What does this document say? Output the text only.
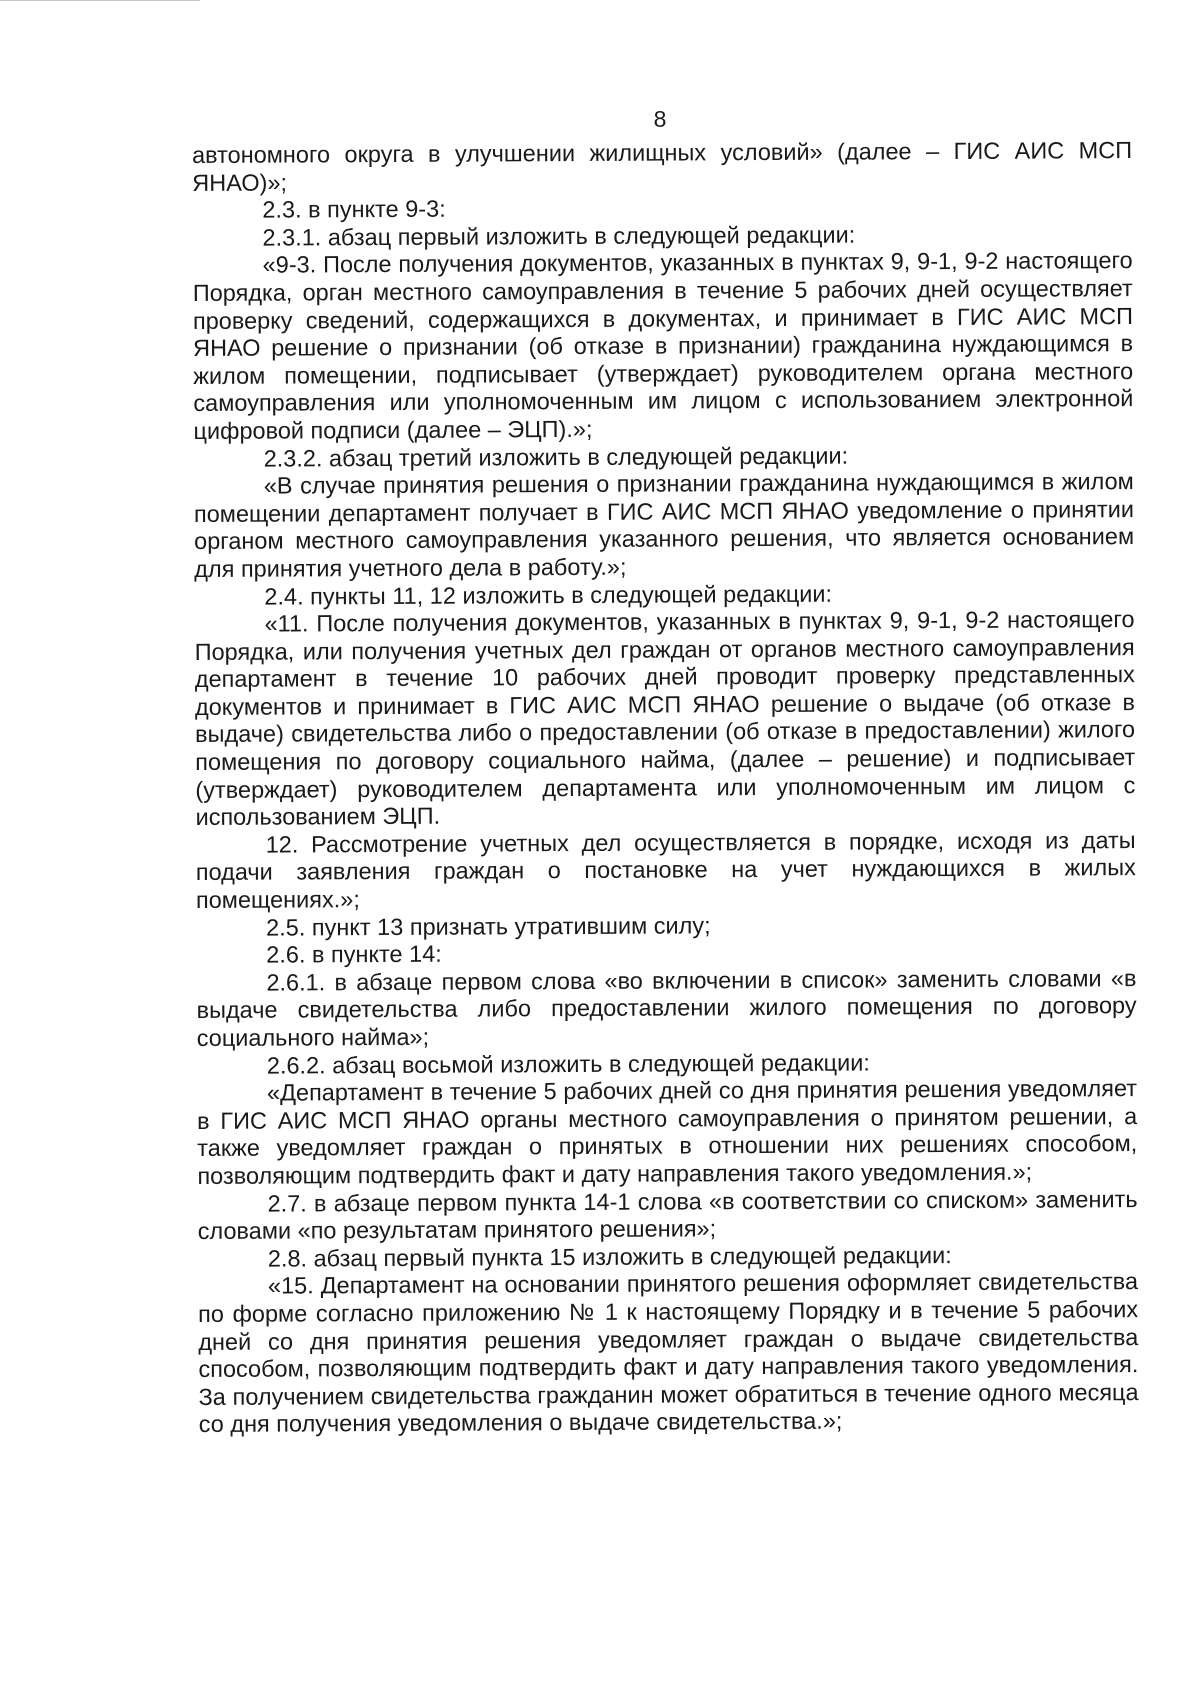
8

автономного округа в улучшении жилищных условий» (далее – ГИС АИС МСП ЯНАО)»;

2.3. в пункте 9-3:

2.3.1. абзац первый изложить в следующей редакции:

«9-3. После получения документов, указанных в пунктах 9, 9-1, 9-2 настоящего Порядка, орган местного самоуправления в течение 5 рабочих дней осуществляет проверку сведений, содержащихся в документах, и принимает в ГИС АИС МСП ЯНАО решение о признании (об отказе в признании) гражданина нуждающимся в жилом помещении, подписывает (утверждает) руководителем органа местного самоуправления или уполномоченным им лицом с использованием электронной цифровой подписи (далее – ЭЦП).»;

2.3.2. абзац третий изложить в следующей редакции:

«В случае принятия решения о признании гражданина нуждающимся в жилом помещении департамент получает в ГИС АИС МСП ЯНАО уведомление о принятии органом местного самоуправления указанного решения, что является основанием для принятия учетного дела в работу.»;

2.4. пункты 11, 12 изложить в следующей редакции:

«11. После получения документов, указанных в пунктах 9, 9-1, 9-2 настоящего Порядка, или получения учетных дел граждан от органов местного самоуправления департамент в течение 10 рабочих дней проводит проверку представленных документов и принимает в ГИС АИС МСП ЯНАО решение о выдаче (об отказе в выдаче) свидетельства либо о предоставлении (об отказе в предоставлении) жилого помещения по договору социального найма, (далее – решение) и подписывает (утверждает) руководителем департамента или уполномоченным им лицом с использованием ЭЦП.

12. Рассмотрение учетных дел осуществляется в порядке, исходя из даты подачи заявления граждан о постановке на учет нуждающихся в жилых помещениях.»;

2.5. пункт 13 признать утратившим силу;

2.6. в пункте 14:

2.6.1. в абзаце первом слова «во включении в список» заменить словами «в выдаче свидетельства либо предоставлении жилого помещения по договору социального найма»;

2.6.2. абзац восьмой изложить в следующей редакции:

«Департамент в течение 5 рабочих дней со дня принятия решения уведомляет в ГИС АИС МСП ЯНАО органы местного самоуправления о принятом решении, а также уведомляет граждан о принятых в отношении них решениях способом, позволяющим подтвердить факт и дату направления такого уведомления.»;

2.7. в абзаце первом пункта 14-1 слова «в соответствии со списком» заменить словами «по результатам принятого решения»;

2.8. абзац первый пункта 15 изложить в следующей редакции:

«15. Департамент на основании принятого решения оформляет свидетельства по форме согласно приложению № 1 к настоящему Порядку и в течение 5 рабочих дней со дня принятия решения уведомляет граждан о выдаче свидетельства способом, позволяющим подтвердить факт и дату направления такого уведомления. За получением свидетельства гражданин может обратиться в течение одного месяца со дня получения уведомления о выдаче свидетельства.»;
